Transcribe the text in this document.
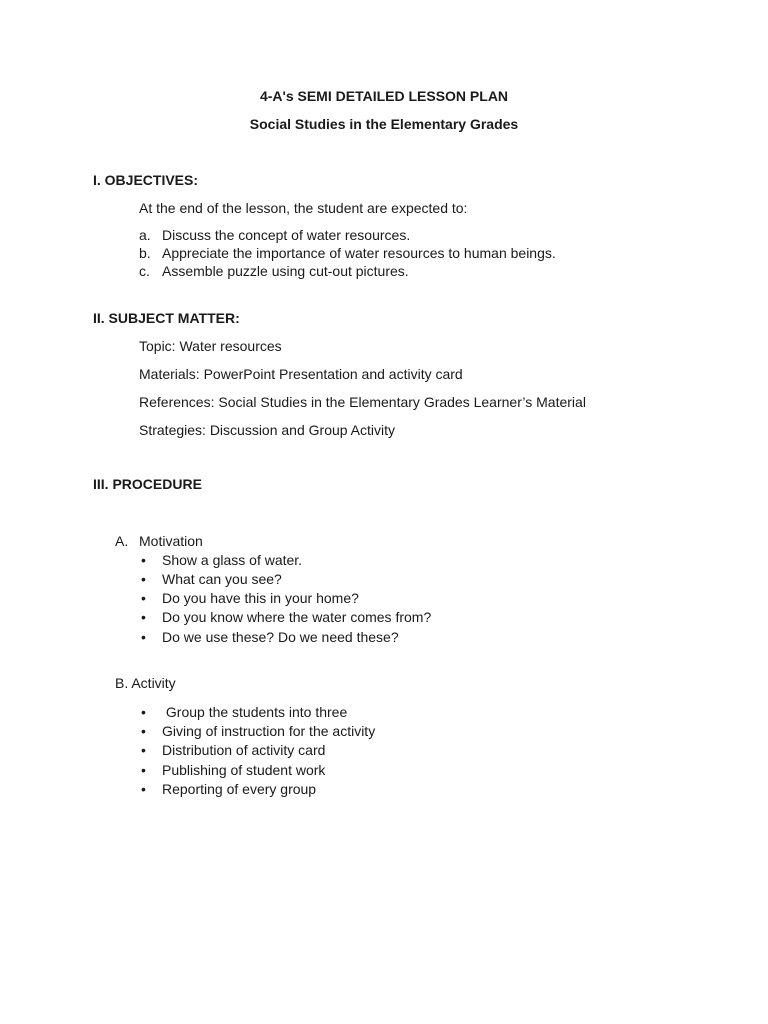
4-A's SEMI DETAILED LESSON PLAN
Social Studies in the Elementary Grades
I. OBJECTIVES:
At the end of the lesson, the student are expected to:
a. Discuss the concept of water resources.
b. Appreciate the importance of water resources to human beings.
c. Assemble puzzle using cut-out pictures.
II. SUBJECT MATTER:
Topic: Water resources
Materials: PowerPoint Presentation and activity card
References: Social Studies in the Elementary Grades Learner’s Material
Strategies: Discussion and Group Activity
III. PROCEDURE
A. Motivation
• Show a glass of water.
• What can you see?
• Do you have this in your home?
• Do you know where the water comes from?
• Do we use these? Do we need these?
B. Activity
• Group the students into three
• Giving of instruction for the activity
• Distribution of activity card
• Publishing of student work
• Reporting of every group
